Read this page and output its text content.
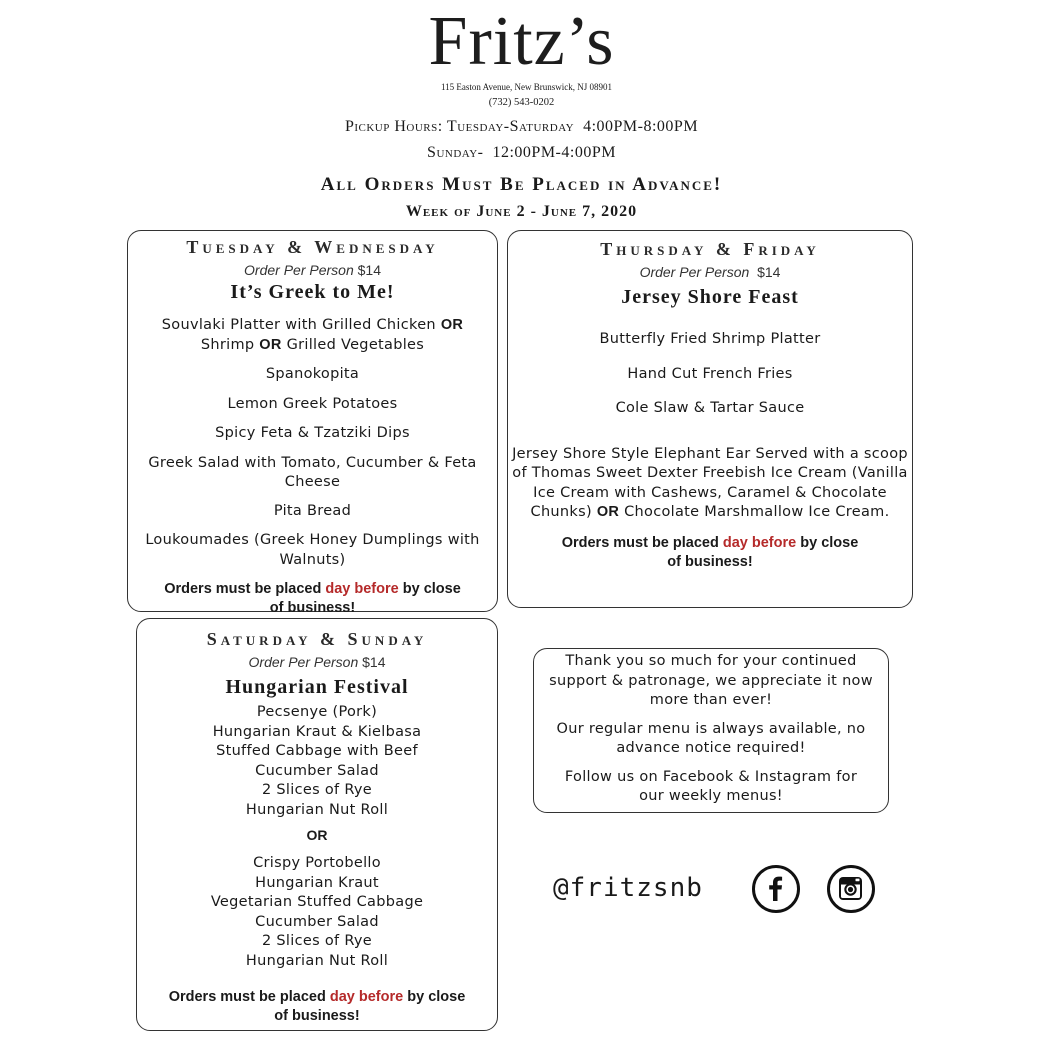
Fritz’s
115 Easton Avenue, New Brunswick, NJ 08901
(732) 543-0202
Pickup Hours: Tuesday-Saturday 4:00PM-8:00PM
Sunday- 12:00PM-4:00PM
All Orders Must Be Placed in Advance!
Week of June 2 - June 7, 2020
Tuesday & Wednesday
Order Per Person $14
It’s Greek to Me!
Souvlaki Platter with Grilled Chicken OR Shrimp OR Grilled Vegetables
Spanokopita
Lemon Greek Potatoes
Spicy Feta & Tzatziki Dips
Greek Salad with Tomato, Cucumber & Feta Cheese
Pita Bread
Loukoumades (Greek Honey Dumplings with Walnuts)
Orders must be placed day before by close
of business!
Thursday & Friday
Order Per Person $14
Jersey Shore Feast
Butterfly Fried Shrimp Platter
Hand Cut French Fries
Cole Slaw & Tartar Sauce
Jersey Shore Style Elephant Ear Served with a scoop of Thomas Sweet Dexter Freebish Ice Cream (Vanilla Ice Cream with Cashews, Caramel & Chocolate Chunks) OR Chocolate Marshmallow Ice Cream.
Orders must be placed day before by close
of business!
Saturday & Sunday
Order Per Person $14
Hungarian Festival
Pecsenye (Pork)
Hungarian Kraut & Kielbasa
Stuffed Cabbage with Beef
Cucumber Salad
2 Slices of Rye
Hungarian Nut Roll
OR
Crispy Portobello
Hungarian Kraut
Vegetarian Stuffed Cabbage
Cucumber Salad
2 Slices of Rye
Hungarian Nut Roll
Orders must be placed day before by close
of business!
Thank you so much for your continued support & patronage, we appreciate it now more than ever!
Our regular menu is always available, no advance notice required!
Follow us on Facebook & Instagram for our weekly menus!
@fritzsnb
